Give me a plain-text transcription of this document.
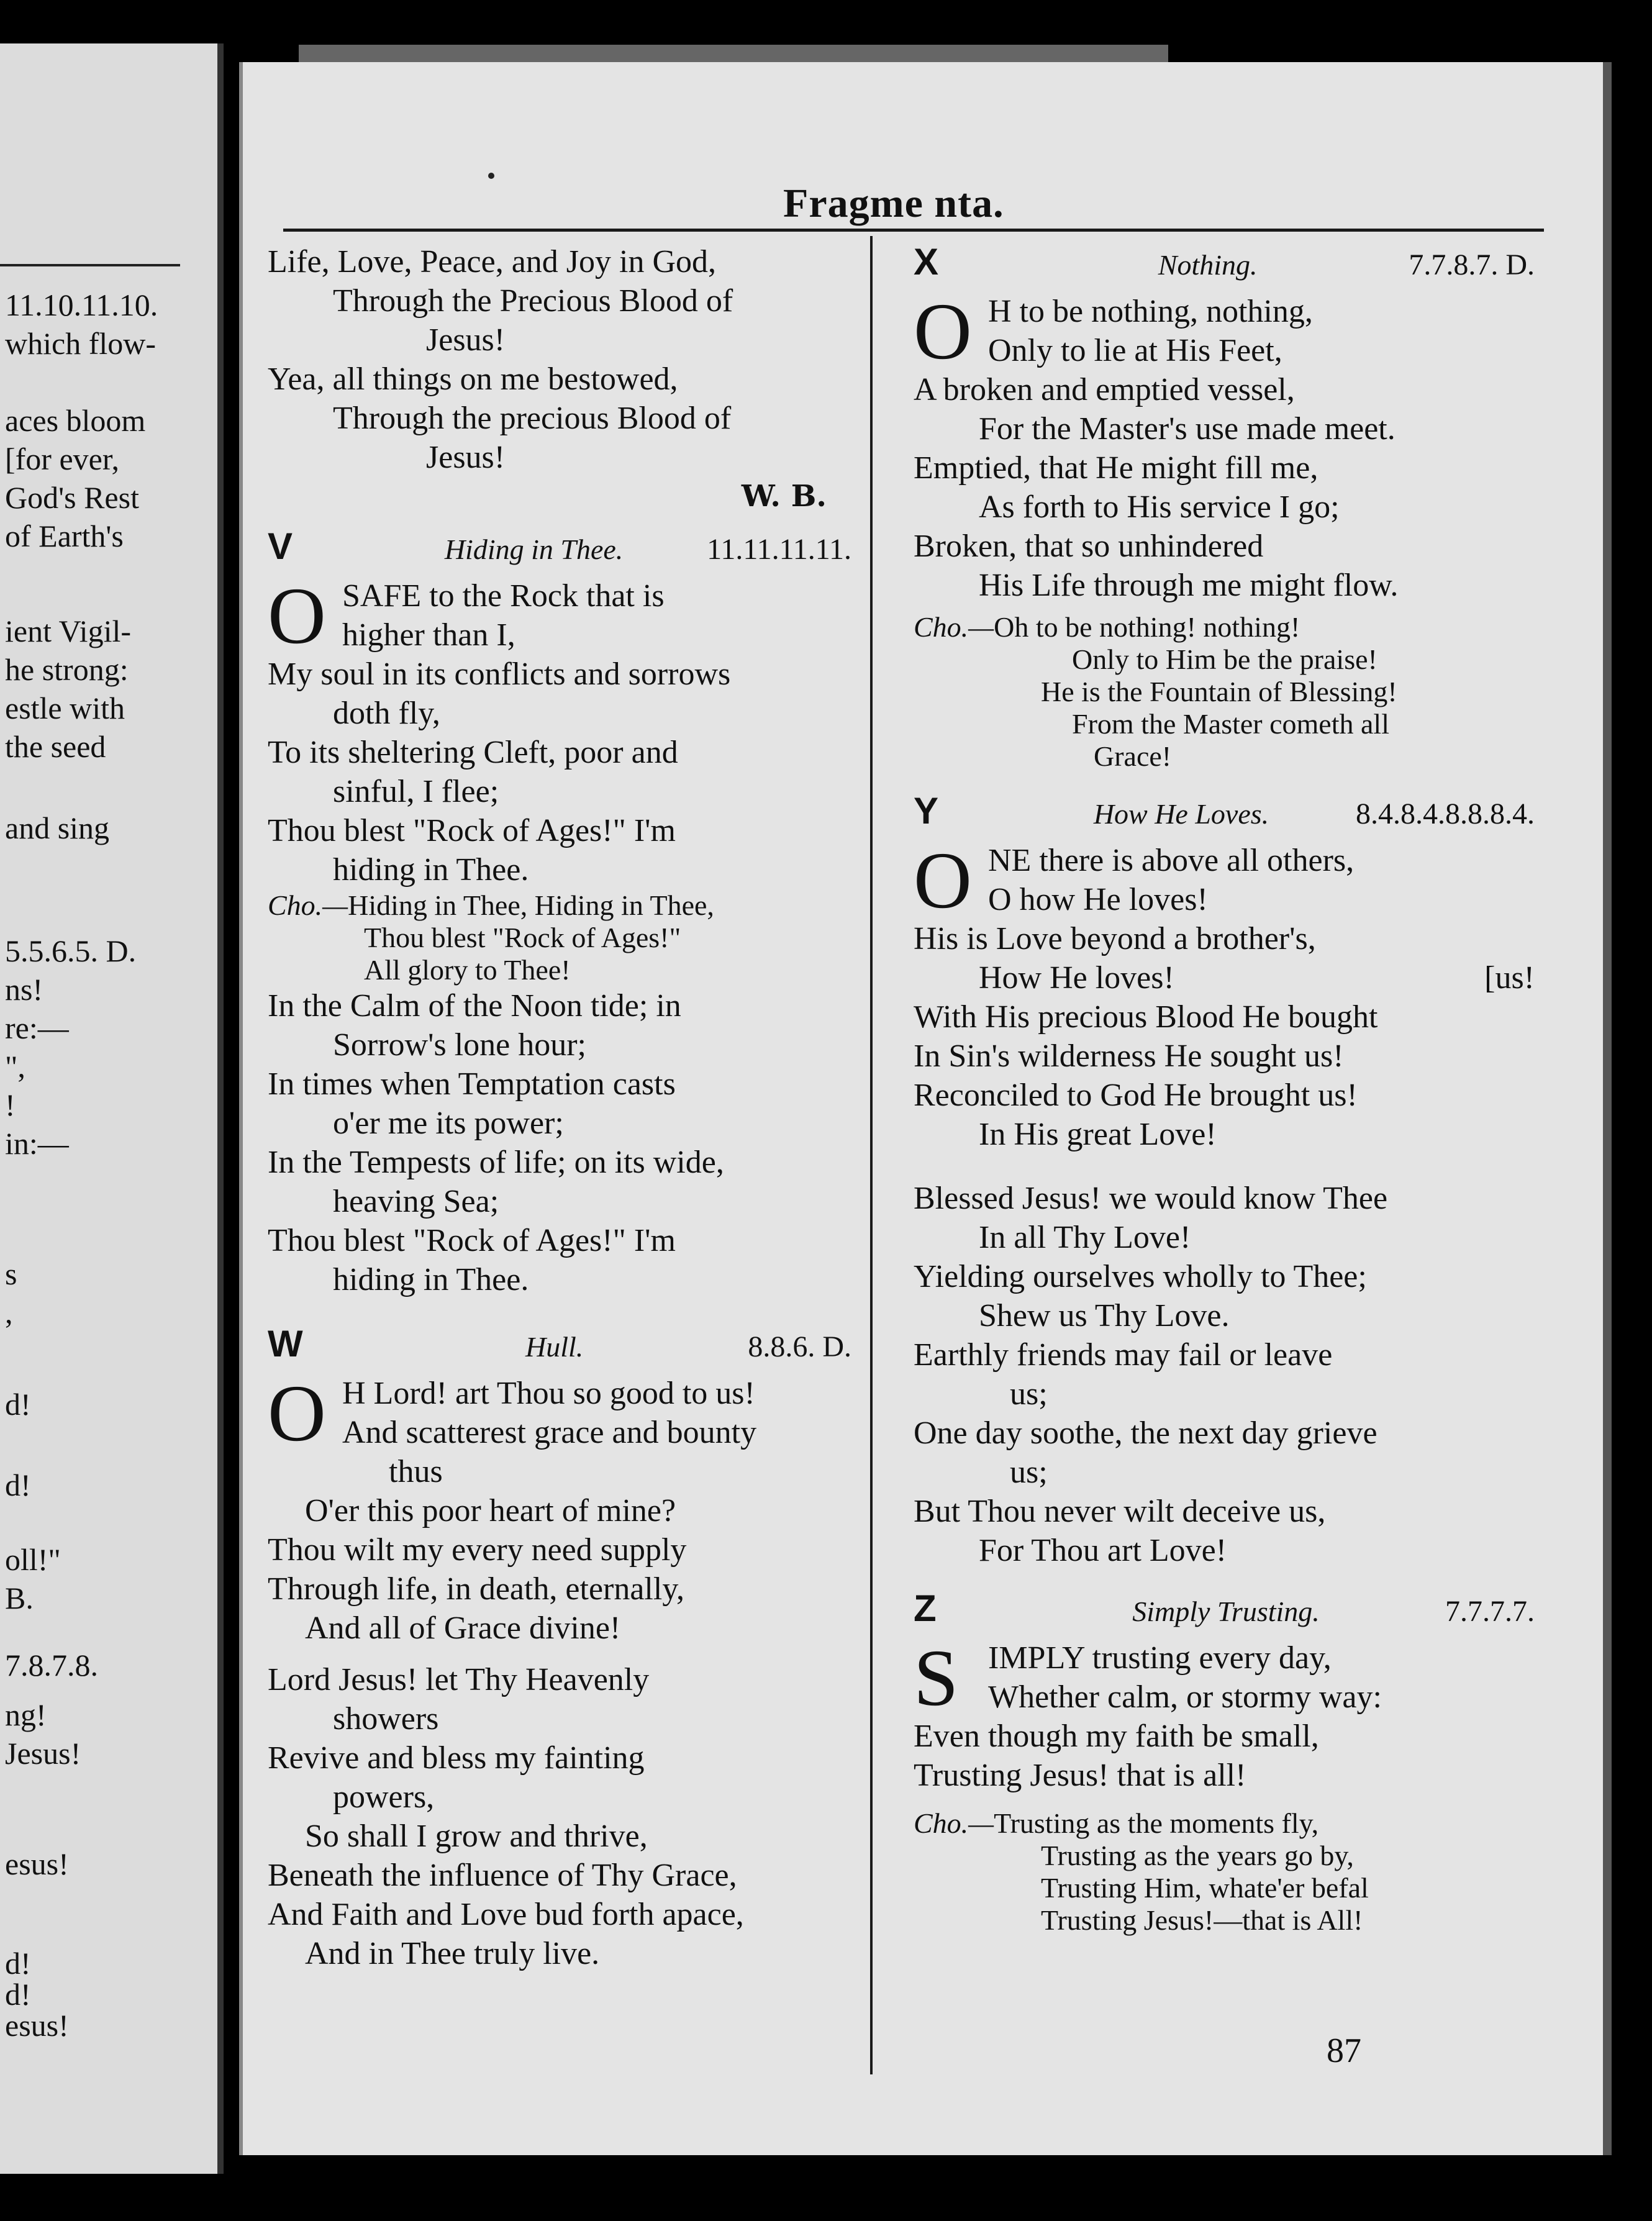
11.10.11.10.
which flow-
aces bloom
[for ever,
God's Rest
of Earth's
ient Vigil-
he strong:
estle with
the seed
and sing
5.5.6.5. D.
ns!
re:—
",
!
in:—
s
,
d!
d!
oll!"
B.
7.8.7.8.
ng!
Jesus!
esus!
d!
d!
esus!
Fragme nta.
Life, Love, Peace, and Joy in God,
Through the Precious Blood of
Jesus!
Yea, all things on me bestowed,
Through the precious Blood of
Jesus!
W. B.
V	Hiding in Thee.	11.11.11.11.
O SAFE to the Rock that is
higher than I,
My soul in its conflicts and sorrows
doth fly,
To its sheltering Cleft, poor and
sinful, I flee;
Thou blest "Rock of Ages!" I'm
hiding in Thee.
Cho.—Hiding in Thee, Hiding in Thee,
Thou blest "Rock of Ages!"
All glory to Thee!
In the Calm of the Noon tide; in
Sorrow's lone hour;
In times when Temptation casts
o'er me its power;
In the Tempests of life; on its wide,
heaving Sea;
Thou blest "Rock of Ages!" I'm
hiding in Thee.
W	Hull.	8.8.6. D.
O H Lord! art Thou so good to us!
And scatterest grace and bounty
thus
O'er this poor heart of mine?
Thou wilt my every need supply
Through life, in death, eternally,
And all of Grace divine!
Lord Jesus! let Thy Heavenly
showers
Revive and bless my fainting
powers,
So shall I grow and thrive,
Beneath the influence of Thy Grace,
And Faith and Love bud forth apace,
And in Thee truly live.
X	Nothing.	7.7.8.7. D.
O H to be nothing, nothing,
Only to lie at His Feet,
A broken and emptied vessel,
For the Master's use made meet.
Emptied, that He might fill me,
As forth to His service I go;
Broken, that so unhindered
His Life through me might flow.
Cho.—Oh to be nothing! nothing!
Only to Him be the praise!
He is the Fountain of Blessing!
From the Master cometh all
Grace!
Y	How He Loves.	8.4.8.4.8.8.8.4.
O NE there is above all others,
O how He loves!
His is Love beyond a brother's,
How He loves!	[us!
With His precious Blood He bought
In Sin's wilderness He sought us!
Reconciled to God He brought us!
In His great Love!
Blessed Jesus! we would know Thee
In all Thy Love!
Yielding ourselves wholly to Thee;
Shew us Thy Love.
Earthly friends may fail or leave
us;
One day soothe, the next day grieve
us;
But Thou never wilt deceive us,
For Thou art Love!
Z	Simply Trusting.	7.7.7.7.
S IMPLY trusting every day,
Whether calm, or stormy way:
Even though my faith be small,
Trusting Jesus! that is all!
Cho.—Trusting as the moments fly,
Trusting as the years go by,
Trusting Him, whate'er befal
Trusting Jesus!—that is All!
87
